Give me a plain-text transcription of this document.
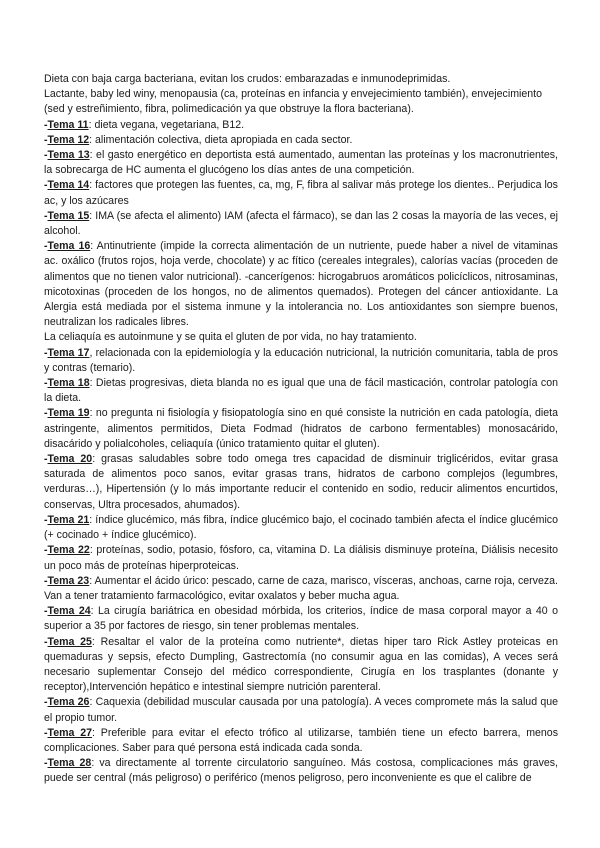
Dieta con baja carga bacteriana, evitan los crudos: embarazadas e inmunodeprimidas.

Lactante, baby led winy, menopausia (ca, proteínas en infancia y envejecimiento también), envejecimiento (sed y estreñimiento, fibra, polimedicación ya que obstruye la flora bacteriana).

-Tema 11: dieta vegana, vegetariana, B12.

-Tema 12: alimentación colectiva, dieta apropiada en cada sector.

-Tema 13: el gasto energético en deportista está aumentado, aumentan las proteínas y los macronutrientes, la sobrecarga de HC aumenta el glucógeno los días antes de una competición.

-Tema 14: factores que protegen las fuentes, ca, mg, F, fibra al salivar más protege los dientes.. Perjudica los ac, y los azúcares

-Tema 15: IMA (se afecta el alimento) IAM (afecta el fármaco), se dan las 2 cosas la mayoría de las veces, ej alcohol.

-Tema 16: Antinutriente (impide la correcta alimentación de un nutriente, puede haber a nivel de vitaminas ac. oxálico (frutos rojos, hoja verde, chocolate) y ac fítico (cereales integrales), calorías vacías (proceden de alimentos que no tienen valor nutricional). -cancerígenos: hicrogabruos aromáticos policíclicos, nitrosaminas, micotoxinas (proceden de los hongos, no de alimentos quemados). Protegen del cáncer antioxidante. La Alergia está mediada por el sistema inmune y la intolerancia no. Los antioxidantes son siempre buenos, neutralizan los radicales libres.

La celiaquía es autoinmune y se quita el gluten de por vida, no hay tratamiento.

-Tema 17, relacionada con la epidemiología y la educación nutricional, la nutrición comunitaria, tabla de pros y contras (temario).

-Tema 18: Dietas progresivas, dieta blanda no es igual que una de fácil masticación, controlar patología con la dieta.

-Tema 19: no pregunta ni fisiología y fisiopatología sino en qué consiste la nutrición en cada patología, dieta astringente, alimentos permitidos, Dieta Fodmad (hidratos de carbono fermentables) monosacárido, disacárido y polialcoholes, celiaquía (único tratamiento quitar el gluten).

-Tema 20: grasas saludables sobre todo omega tres capacidad de disminuir triglicéridos, evitar grasa saturada de alimentos poco sanos, evitar grasas trans, hidratos de carbono complejos (legumbres, verduras…), Hipertensión (y lo más importante reducir el contenido en sodio, reducir alimentos encurtidos, conservas, Ultra procesados, ahumados).

-Tema 21: índice glucémico, más fibra, índice glucémico bajo, el cocinado también afecta el índice glucémico (+ cocinado + índice glucémico).

-Tema 22: proteínas, sodio, potasio, fósforo, ca, vitamina D. La diálisis disminuye proteína, Diálisis necesito un poco más de proteínas hiperproteicas.

-Tema 23: Aumentar el ácido úrico: pescado, carne de caza, marisco, vísceras, anchoas, carne roja, cerveza. Van a tener tratamiento farmacológico, evitar oxalatos y beber mucha agua.

-Tema 24: La cirugía bariátrica en obesidad mórbida, los criterios, índice de masa corporal mayor a 40 o superior a 35 por factores de riesgo, sin tener problemas mentales.

-Tema 25: Resaltar el valor de la proteína como nutriente*, dietas hiper taro Rick Astley proteicas en quemaduras y sepsis, efecto Dumpling, Gastrectomía (no consumir agua en las comidas), A veces será necesario suplementar Consejo del médico correspondiente, Cirugía en los trasplantes (donante y receptor),Intervención hepático e intestinal siempre nutrición parenteral.

-Tema 26: Caquexia (debilidad muscular causada por una patología). A veces compromete más la salud que el propio tumor.

-Tema 27: Preferible para evitar el efecto trófico al utilizarse, también tiene un efecto barrera, menos complicaciones. Saber para qué persona está indicada cada sonda.

-Tema 28: va directamente al torrente circulatorio sanguíneo. Más costosa, complicaciones más graves, puede ser central (más peligroso) o periférico (menos peligroso, pero inconveniente es que el calibre de
